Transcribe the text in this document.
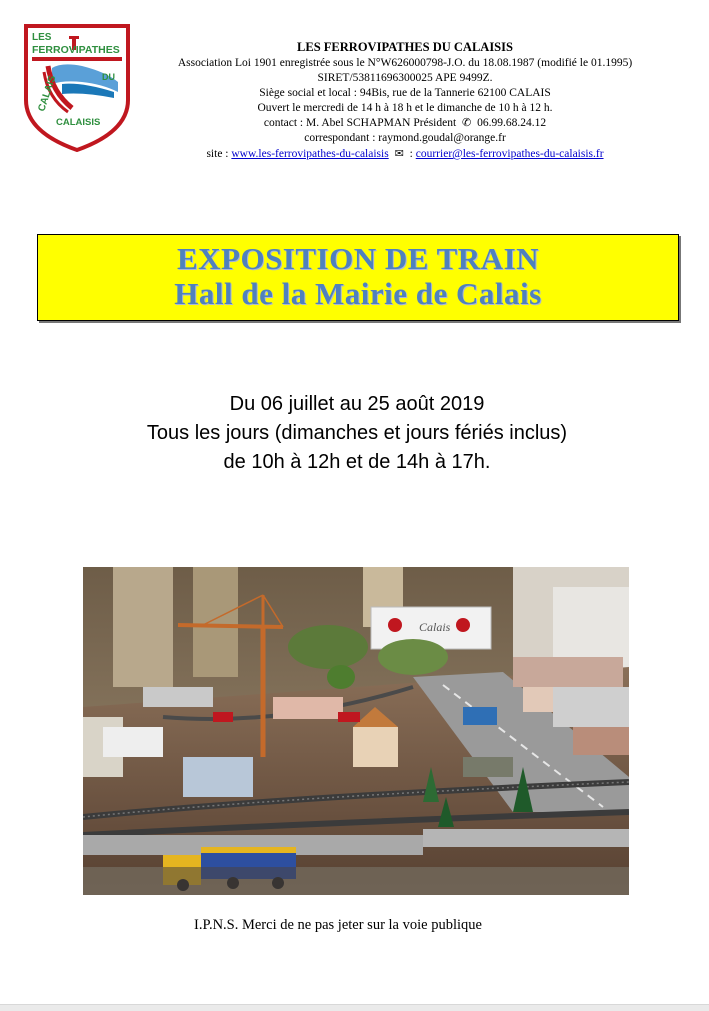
LES
FERROVIPATHES
CALAIS	DU
CALAISIS
LES FERROVIPATHES DU CALAISIS
Association Loi 1901 enregistrée sous le N°W626000798-J.O. du 18.08.1987 (modifié le 01.1995)
SIRET/53811696300025 APE 9499Z.
Siège social et local : 94Bis, rue de la Tannerie 62100 CALAIS
Ouvert le mercredi de 14 h à 18 h et le dimanche de 10 h à 12 h.
contact : M. Abel SCHAPMAN Président ✆ 06.99.68.24.12
correspondant : raymond.goudal@orange.fr
site : www.les-ferrovipathes-du-calaisis ✉ : courrier@les-ferrovipathes-du-calaisis.fr
EXPOSITION DE TRAIN
Hall de la Mairie de Calais
Du 06 juillet au 25 août 2019
Tous les jours (dimanches et jours fériés inclus)
de 10h à 12h et de 14h à 17h.
Calais
I.P.N.S. Merci de ne pas jeter sur la voie publique
